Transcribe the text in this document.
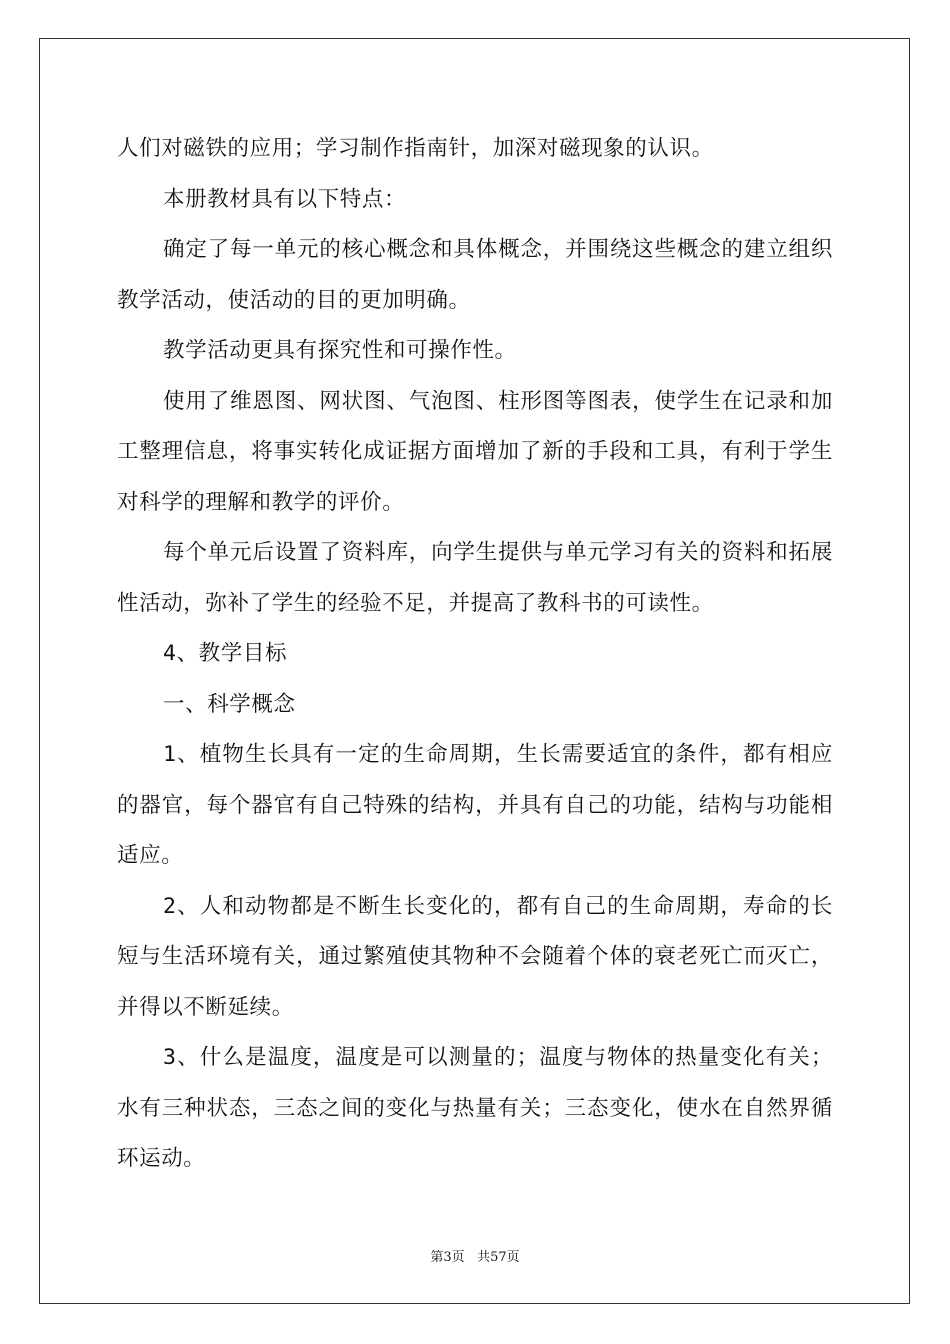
人们对磁铁的应用；学习制作指南针，加深对磁现象的认识。

本册教材具有以下特点：

确定了每一单元的核心概念和具体概念，并围绕这些概念的建立组织教学活动，使活动的目的更加明确。

教学活动更具有探究性和可操作性。

使用了维恩图、网状图、气泡图、柱形图等图表，使学生在记录和加工整理信息，将事实转化成证据方面增加了新的手段和工具，有利于学生对科学的理解和教学的评价。

每个单元后设置了资料库，向学生提供与单元学习有关的资料和拓展性活动，弥补了学生的经验不足，并提高了教科书的可读性。

4、教学目标

一、科学概念

1、植物生长具有一定的生命周期，生长需要适宜的条件，都有相应的器官，每个器官有自己特殊的结构，并具有自己的功能，结构与功能相适应。

2、人和动物都是不断生长变化的，都有自己的生命周期，寿命的长短与生活环境有关，通过繁殖使其物种不会随着个体的衰老死亡而灭亡，并得以不断延续。

3、什么是温度，温度是可以测量的；温度与物体的热量变化有关；水有三种状态，三态之间的变化与热量有关；三态变化，使水在自然界循环运动。

第3页 共57页
